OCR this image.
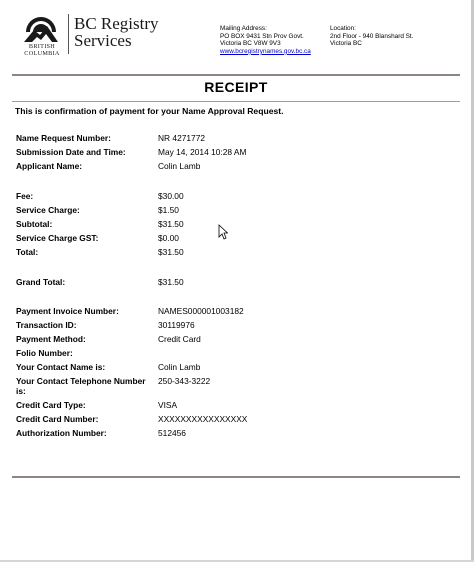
BRITISH
COLUMBIA
BC Registry
Services
Mailing Address:
PO BOX 9431 Stn Prov Govt.
Victoria BC V8W 9V3
www.bcregistrynames.gov.bc.ca
Location:
2nd Floor - 940 Blanshard St.
Victoria BC
RECEIPT
This is confirmation of payment for your Name Approval Request.
Name Request Number:	NR 4271772
Submission Date and Time:	May 14, 2014 10:28 AM
Applicant Name:	Colin Lamb
Fee:	$30.00
Service Charge:	$1.50
Subtotal:	$31.50
Service Charge GST:	$0.00
Total:	$31.50
Grand Total:	$31.50
Payment Invoice Number:	NAMES000001003182
Transaction ID:	30119976
Payment Method:	Credit Card
Folio Number:
Your Contact Name is:	Colin Lamb
Your Contact Telephone Number is:
250-343-3222
Credit Card Type:	VISA
Credit Card Number:	XXXXXXXXXXXXXXXX
Authorization Number:	512456
